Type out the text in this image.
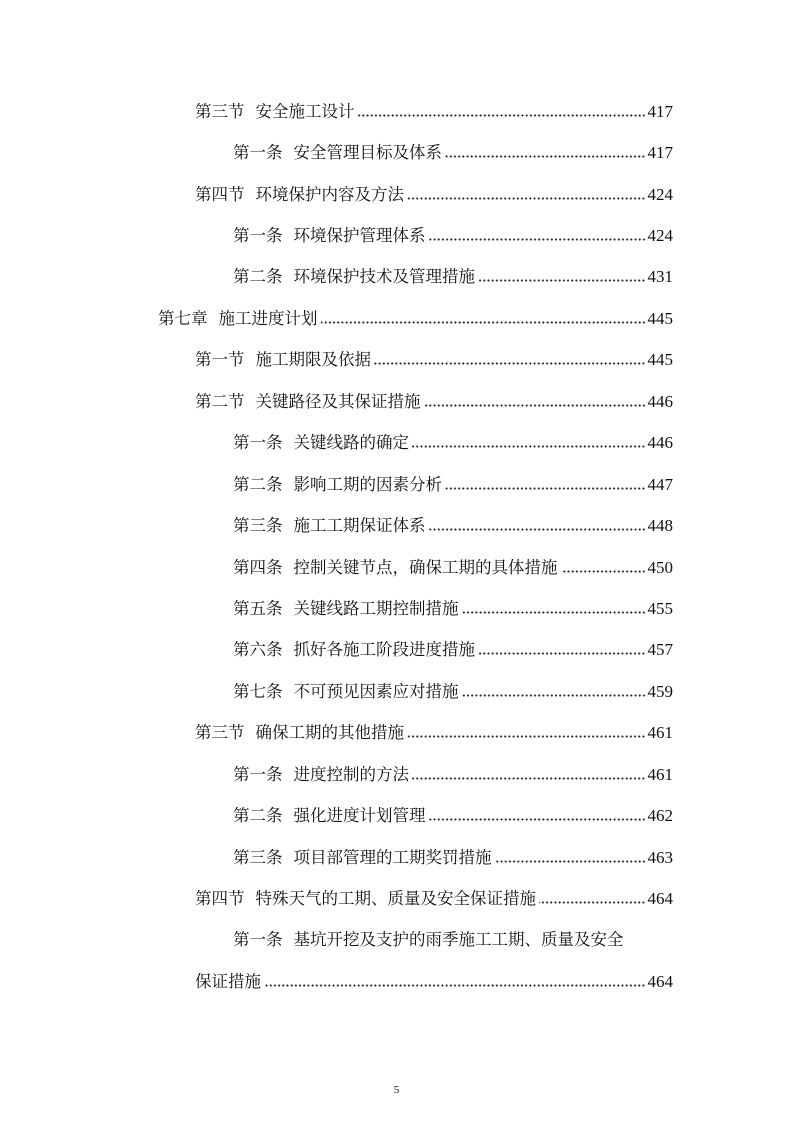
第三节 安全施工设计	417
第一条 安全管理目标及体系	417
第四节 环境保护内容及方法	424
第一条 环境保护管理体系	424
第二条 环境保护技术及管理措施	431
第七章 施工进度计划	445
第一节 施工期限及依据	445
第二节 关键路径及其保证措施	446
第一条 关键线路的确定	446
第二条 影响工期的因素分析	447
第三条 施工工期保证体系	448
第四条 控制关键节点，确保工期的具体措施	450
第五条 关键线路工期控制措施	455
第六条 抓好各施工阶段进度措施	457
第七条 不可预见因素应对措施	459
第三节 确保工期的其他措施	461
第一条 进度控制的方法	461
第二条 强化进度计划管理	462
第三条 项目部管理的工期奖罚措施	463
第四节 特殊天气的工期、质量及安全保证措施	464
第一条 基坑开挖及支护的雨季施工工期、质量及安全
保证措施	464
5
